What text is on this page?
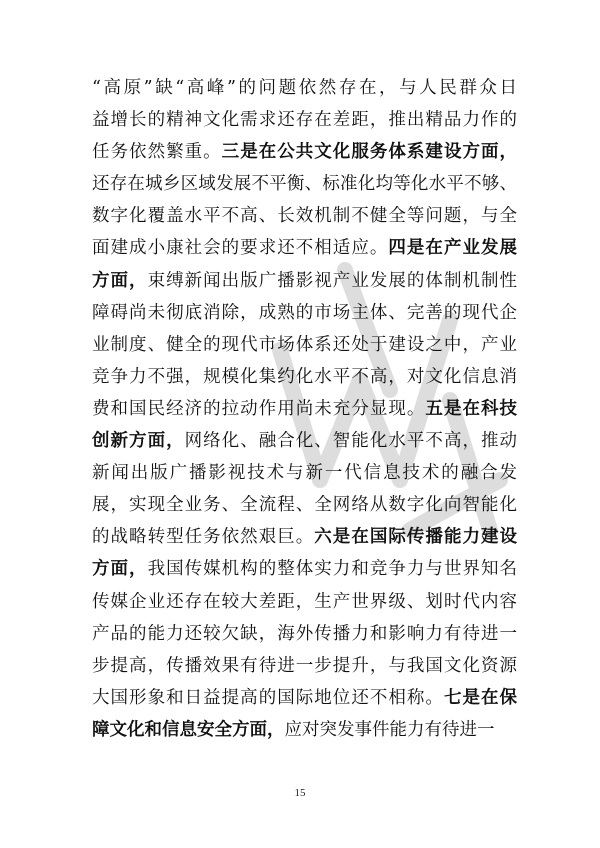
“高原”缺“高峰”的问题依然存在，与人民群众日
益增长的精神文化需求还存在差距，推出精品力作的
任务依然繁重。三是在公共文化服务体系建设方面，
还存在城乡区域发展不平衡、标准化均等化水平不够、
数字化覆盖水平不高、长效机制不健全等问题，与全
面建成小康社会的要求还不相适应。四是在产业发展
方面，束缚新闻出版广播影视产业发展的体制机制性
障碍尚未彻底消除，成熟的市场主体、完善的现代企
业制度、健全的现代市场体系还处于建设之中，产业
竞争力不强，规模化集约化水平不高，对文化信息消
费和国民经济的拉动作用尚未充分显现。五是在科技
创新方面，网络化、融合化、智能化水平不高，推动
新闻出版广播影视技术与新一代信息技术的融合发
展，实现全业务、全流程、全网络从数字化向智能化
的战略转型任务依然艰巨。六是在国际传播能力建设
方面，我国传媒机构的整体实力和竞争力与世界知名
传媒企业还存在较大差距，生产世界级、划时代内容
产品的能力还较欠缺，海外传播力和影响力有待进一
步提高，传播效果有待进一步提升，与我国文化资源
大国形象和日益提高的国际地位还不相称。七是在保
障文化和信息安全方面，应对突发事件能力有待进一
15
